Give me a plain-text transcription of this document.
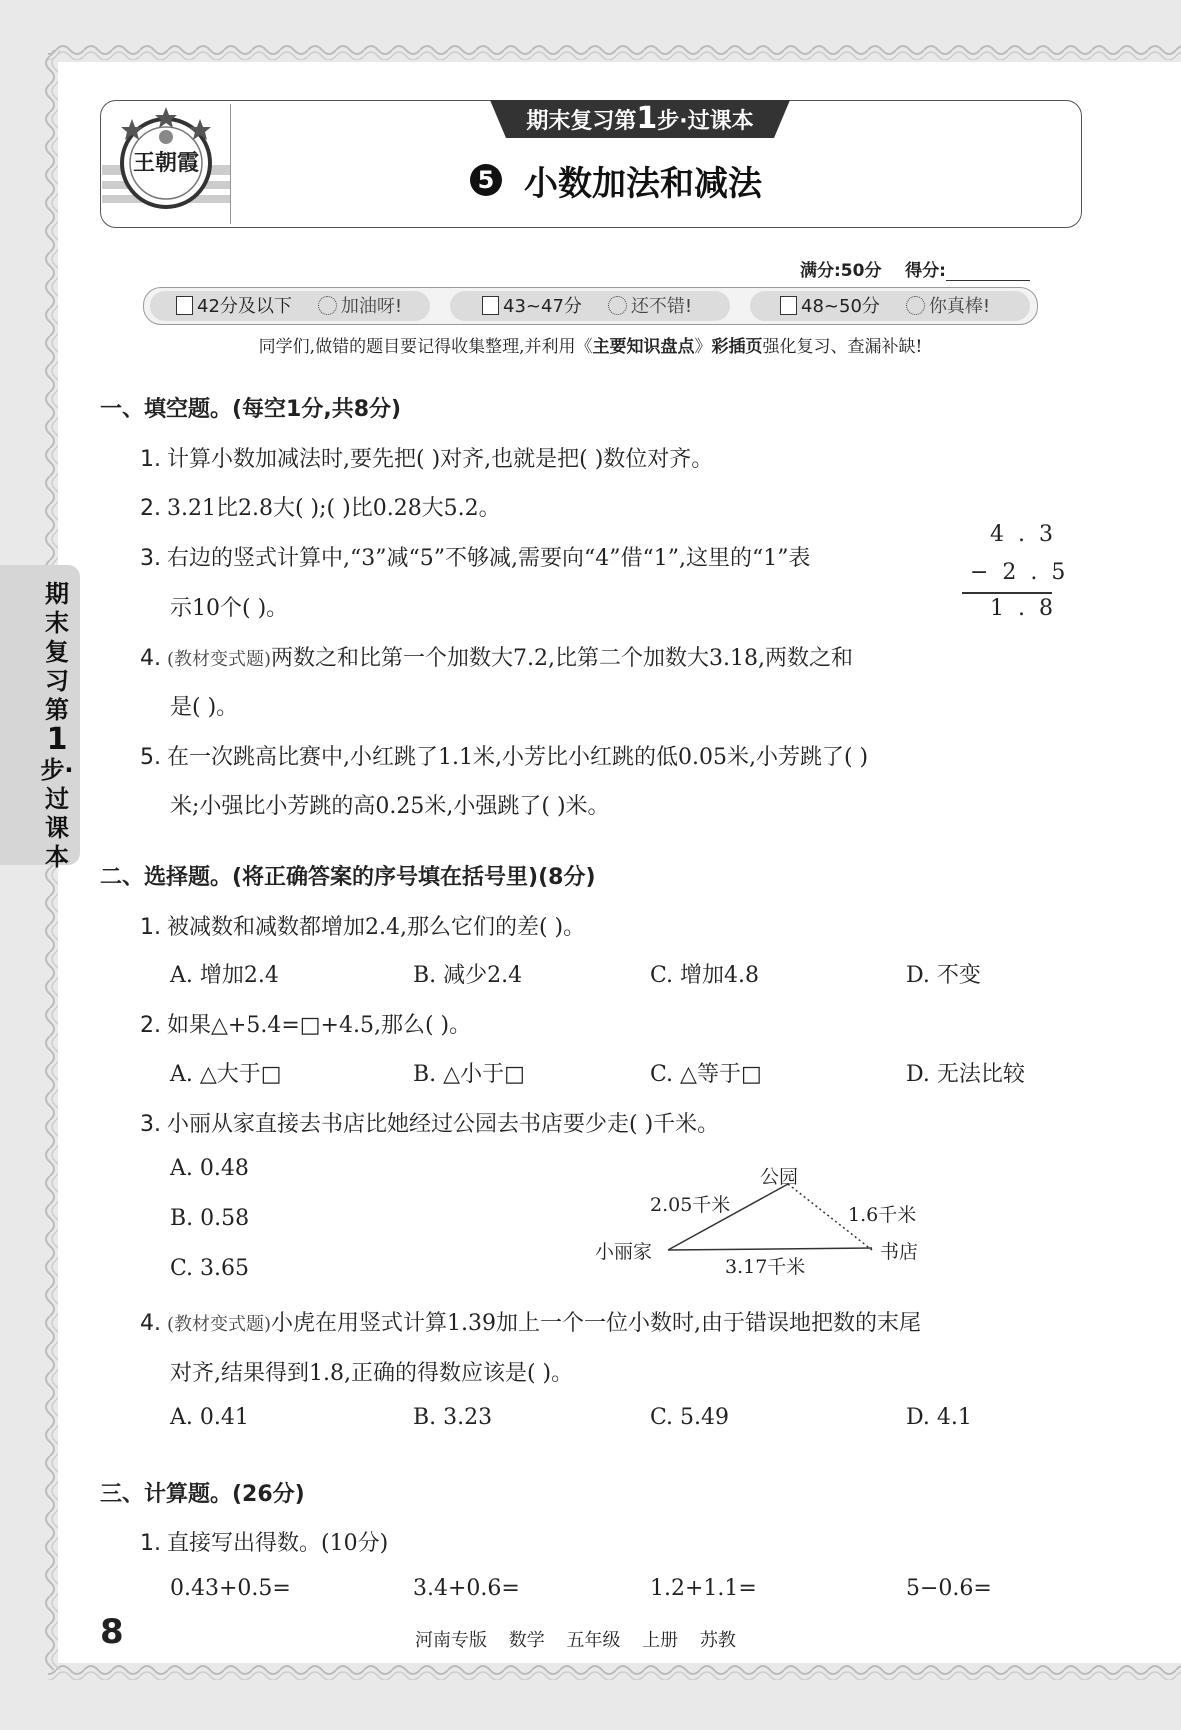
王朝霞
期末复习第1步·过课本
5 小数加法和减法
满分:50分 得分:
42分及以下	加油呀!	43~47分	还不错!	48~50分	你真棒!
同学们,做错的题目要记得收集整理,并利用《主要知识盘点》彩插页强化复习、查漏补缺!
期末复习第1步·过课本
一、填空题。(每空1分,共8分)
1. 计算小数加减法时,要先把( )对齐,也就是把( )数位对齐。
2. 3.21比2.8大( );( )比0.28大5.2。
3. 右边的竖式计算中,“3”减“5”不够减,需要向“4”借“1”,这里的“1”表
示10个( )。
4.3
−2.5
1.8
4. (教材变式题)两数之和比第一个加数大7.2,比第二个加数大3.18,两数之和
是( )。
5. 在一次跳高比赛中,小红跳了1.1米,小芳比小红跳的低0.05米,小芳跳了( )
米;小强比小芳跳的高0.25米,小强跳了( )米。
二、选择题。(将正确答案的序号填在括号里)(8分)
1. 被减数和减数都增加2.4,那么它们的差( )。
A. 增加2.4	B. 减少2.4	C. 增加4.8	D. 不变
2. 如果△+5.4=□+4.5,那么( )。
A. △大于□	B. △小于□	C. △等于□	D. 无法比较
3. 小丽从家直接去书店比她经过公园去书店要少走( )千米。
A. 0.48
B. 0.58
C. 3.65
公园
小丽家	书店
2.05千米	1.6千米
3.17千米
4. (教材变式题)小虎在用竖式计算1.39加上一个一位小数时,由于错误地把数的末尾
对齐,结果得到1.8,正确的得数应该是( )。
A. 0.41	B. 3.23	C. 5.49	D. 4.1
三、计算题。(26分)
1. 直接写出得数。(10分)
0.43+0.5=	3.4+0.6=	1.2+1.1=	5−0.6=
8	河南专版 数学 五年级 上册 苏教
